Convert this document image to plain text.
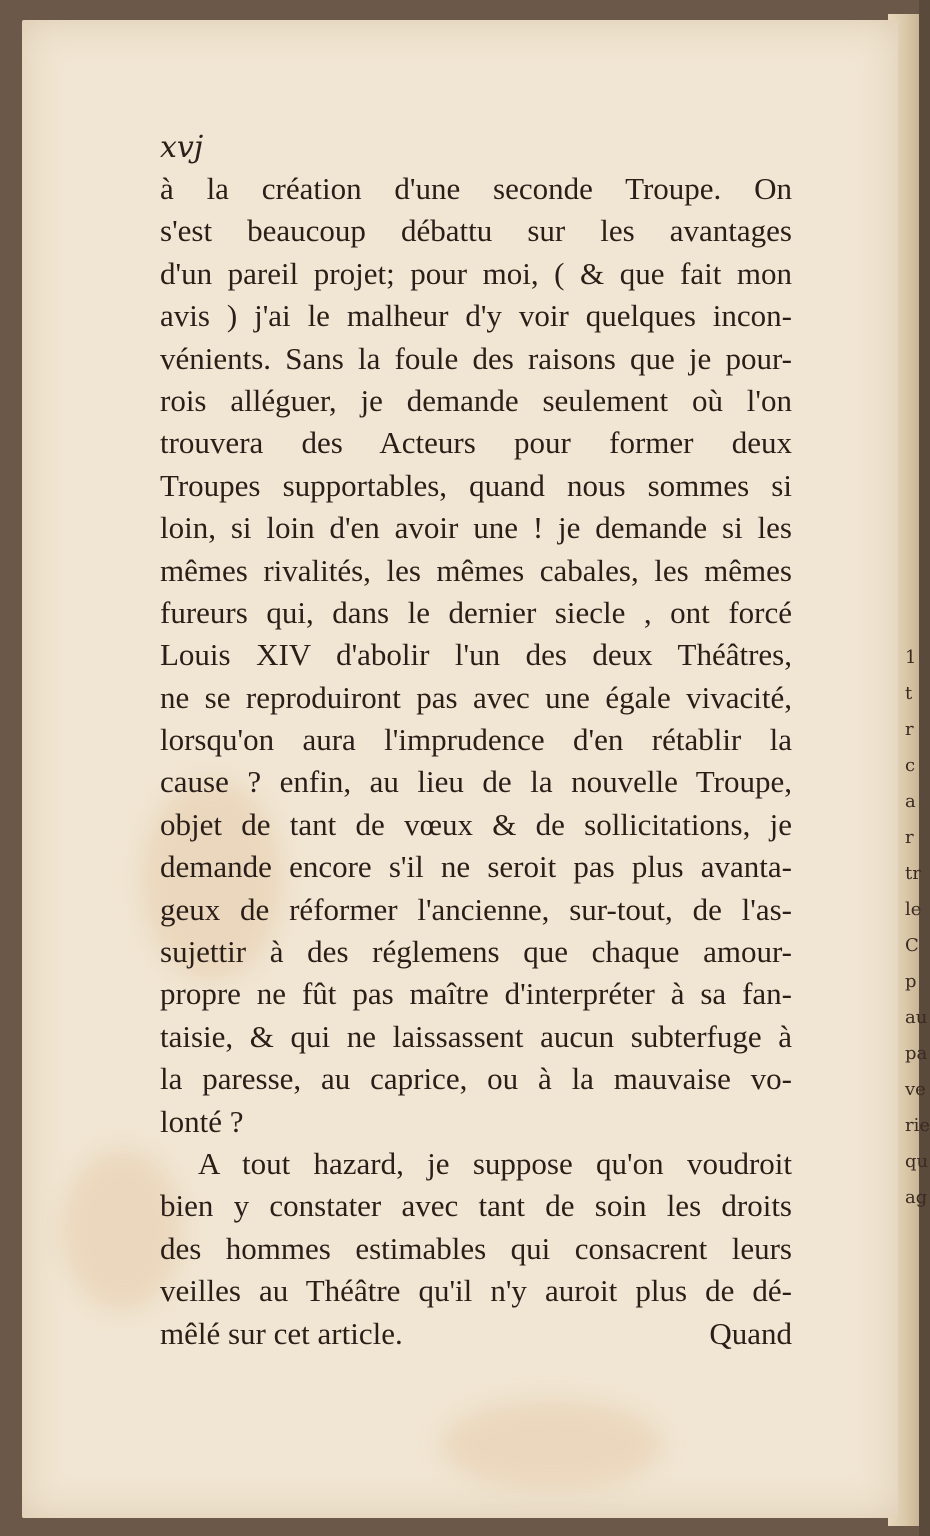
1
t
r
c
a
r
tr
le
C
p
au
pa
ve
rie
qu
ag
xvj
à la création d'une seconde Troupe. On
s'est beaucoup débattu sur les avantages
d'un pareil projet; pour moi, ( & que fait mon
avis ) j'ai le malheur d'y voir quelques incon-
vénients. Sans la foule des raisons que je pour-
rois alléguer, je demande seulement où l'on
trouvera des Acteurs pour former deux
Troupes supportables, quand nous sommes si
loin, si loin d'en avoir une ! je demande si les
mêmes rivalités, les mêmes cabales, les mêmes
fureurs qui, dans le dernier siecle , ont forcé
Louis XIV d'abolir l'un des deux Théâtres,
ne se reproduiront pas avec une égale vivacité,
lorsqu'on aura l'imprudence d'en rétablir la
cause ? enfin, au lieu de la nouvelle Troupe,
objet de tant de vœux & de sollicitations, je
demande encore s'il ne seroit pas plus avanta-
geux de réformer l'ancienne, sur-tout, de l'as-
sujettir à des réglemens que chaque amour-
propre ne fût pas maître d'interpréter à sa fan-
taisie, & qui ne laissassent aucun subterfuge à
la paresse, au caprice, ou à la mauvaise vo-
lonté ?
A tout hazard, je suppose qu'on voudroit
bien y constater avec tant de soin les droits
des hommes estimables qui consacrent leurs
veilles au Théâtre qu'il n'y auroit plus de dé-
mêlé sur cet article.	Quand
